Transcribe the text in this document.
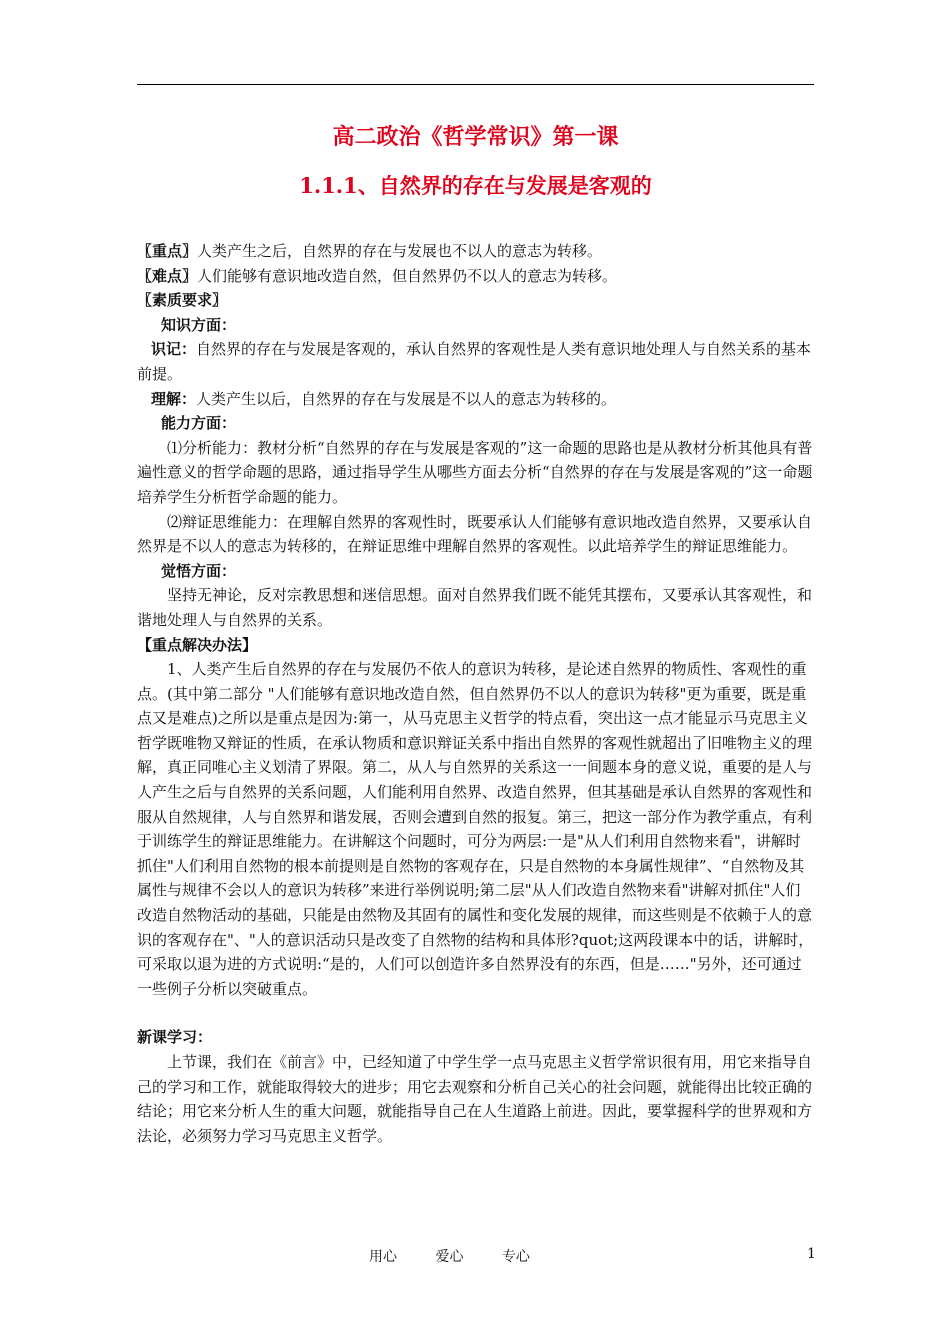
高二政治《哲学常识》第一课
1.1.1、自然界的存在与发展是客观的

〖重点〗人类产生之后，自然界的存在与发展也不以人的意志为转移。

〖难点〗人们能够有意识地改造自然，但自然界仍不以人的意志为转移。

〖素质要求〗

知识方面：

识记：自然界的存在与发展是客观的，承认自然界的客观性是人类有意识地处理人与自然关系的基本前提。

理解：人类产生以后，自然界的存在与发展是不以人的意志为转移的。

能力方面：

⑴分析能力：教材分析“自然界的存在与发展是客观的”这一命题的思路也是从教材分析其他具有普遍性意义的哲学命题的思路，通过指导学生从哪些方面去分析“自然界的存在与发展是客观的”这一命题培养学生分析哲学命题的能力。

⑵辩证思维能力：在理解自然界的客观性时，既要承认人们能够有意识地改造自然界，又要承认自然界是不以人的意志为转移的，在辩证思维中理解自然界的客观性。以此培养学生的辩证思维能力。

觉悟方面：

坚持无神论，反对宗教思想和迷信思想。面对自然界我们既不能凭其摆布，又要承认其客观性，和谐地处理人与自然界的关系。

【重点解决办法】

1、人类产生后自然界的存在与发展仍不依人的意识为转移，是论述自然界的物质性、客观性的重点。(其中第二部分 "人们能够有意识地改造自然，但自然界仍不以人的意识为转移"更为重要，既是重点又是难点)之所以是重点是因为:第一，从马克思主义哲学的特点看，突出这一点才能显示马克思主义哲学既唯物又辩证的性质，在承认物质和意识辩证关系中指出自然界的客观性就超出了旧唯物主义的理解，真正同唯心主义划清了界限。第二，从人与自然界的关系这一一间题本身的意义说，重要的是人与人产生之后与自然界的关系问题，人们能利用自然界、改造自然界，但其基础是承认自然界的客观性和服从自然规律，人与自然界和谐发展，否则会遭到自然的报复。第三，把这一部分作为教学重点，有利于训练学生的辩证思维能力。在讲解这个问题时，可分为两层:一是"从人们利用自然物来看"，讲解时抓住"人们利用自然物的根本前提则是自然物的客观存在，只是自然物的本身属性规律”、“自然物及其属性与规律不会以人的意识为转移”来进行举例说明;第二层"从人们改造自然物来看"讲解对抓住"人们改造自然物活动的基础，只能是由然物及其固有的属性和变化发展的规律，而这些则是不依赖于人的意识的客观存在"、"人的意识活动只是改变了自然物的结构和具体形?quot;这两段课本中的话，讲解时，可采取以退为进的方式说明:“是的，人们可以创造许多自然界没有的东西，但是……"另外，还可通过一些例子分析以突破重点。

新课学习：

上节课，我们在《前言》中，已经知道了中学生学一点马克思主义哲学常识很有用，用它来指导自己的学习和工作，就能取得较大的进步；用它去观察和分析自己关心的社会问题，就能得出比较正确的结论；用它来分析人生的重大问题，就能指导自己在人生道路上前进。因此，要掌握科学的世界观和方法论，必须努力学习马克思主义哲学。

用心	爱心	专心	1
